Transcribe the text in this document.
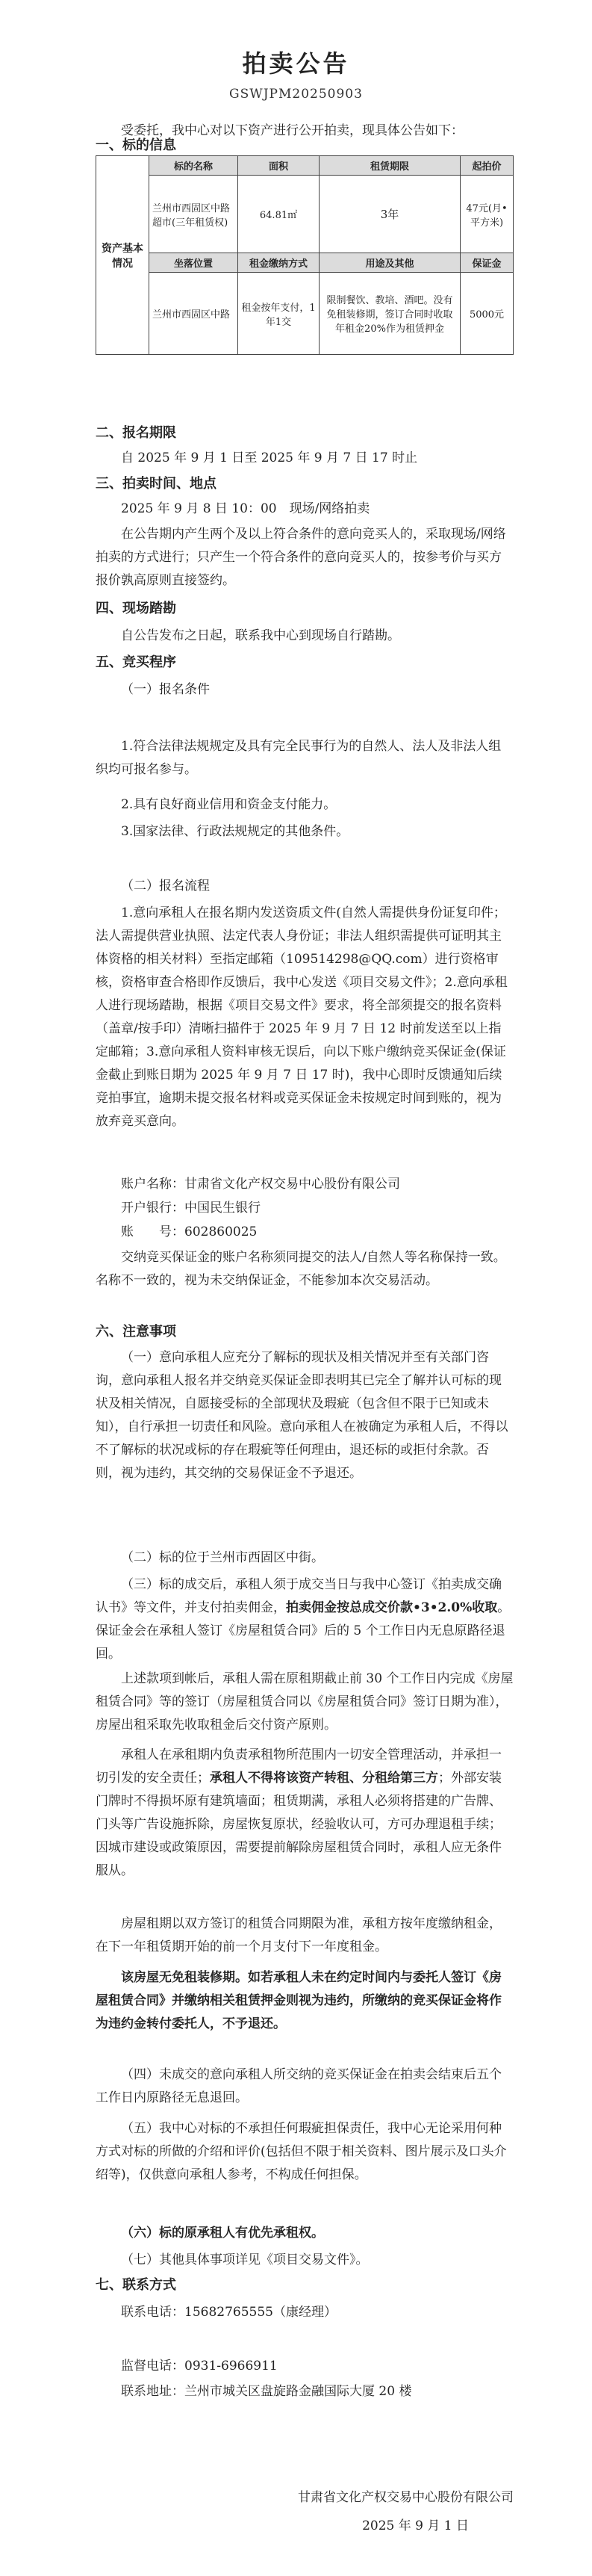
拍卖公告
GSWJPM20250903
受委托，我中心对以下资产进行公开拍卖，现具体公告如下：
一、标的信息
资产基本情况	标的名称	面积	租赁期限	起拍价
	兰州市西固区中路超市(三年租赁权)	64.81㎡	3年	47元(月•平方米)
	坐落位置	租金缴纳方式	用途及其他	保证金
	兰州市西固区中路	租金按年支付，1年1交	限制餐饮、教培、酒吧。没有免租装修期，签订合同时收取年租金20%作为租赁押金	5000元
二、报名期限
自 2025 年 9 月 1 日至 2025 年 9 月 7 日 17 时止
三、拍卖时间、地点
2025 年 9 月 8 日 10：00　现场/网络拍卖
在公告期内产生两个及以上符合条件的意向竞买人的，采取现场/网络拍卖的方式进行；只产生一个符合条件的意向竞买人的，按参考价与买方报价孰高原则直接签约。
四、现场踏勘
自公告发布之日起，联系我中心到现场自行踏勘。
五、竞买程序
（一）报名条件
1.符合法律法规规定及具有完全民事行为的自然人、法人及非法人组织均可报名参与。
2.具有良好商业信用和资金支付能力。
3.国家法律、行政法规规定的其他条件。
（二）报名流程
1.意向承租人在报名期内发送资质文件(自然人需提供身份证复印件；法人需提供营业执照、法定代表人身份证；非法人组织需提供可证明其主体资格的相关材料）至指定邮箱（109514298@QQ.com）进行资格审核，资格审查合格即作反馈后，我中心发送《项目交易文件》；2.意向承租人进行现场踏勘，根据《项目交易文件》要求，将全部须提交的报名资料（盖章/按手印）清晰扫描件于 2025 年 9 月 7 日 12 时前发送至以上指定邮箱；3.意向承租人资料审核无误后，向以下账户缴纳竞买保证金(保证金截止到账日期为 2025 年 9 月 7 日 17 时)，我中心即时反馈通知后续竞拍事宜，逾期未提交报名材料或竞买保证金未按规定时间到账的，视为放弃竞买意向。
账户名称：甘肃省文化产权交易中心股份有限公司
开户银行：中国民生银行
账　　号：602860025
交纳竞买保证金的账户名称须同提交的法人/自然人等名称保持一致。名称不一致的，视为未交纳保证金，不能参加本次交易活动。
六、注意事项
（一）意向承租人应充分了解标的现状及相关情况并至有关部门咨询，意向承租人报名并交纳竞买保证金即表明其已完全了解并认可标的现状及相关情况，自愿接受标的全部现状及瑕疵（包含但不限于已知或未知），自行承担一切责任和风险。意向承租人在被确定为承租人后，不得以不了解标的状况或标的存在瑕疵等任何理由，退还标的或拒付余款。否则，视为违约，其交纳的交易保证金不予退还。
（二）标的位于兰州市西固区中街。
（三）标的成交后，承租人须于成交当日与我中心签订《拍卖成交确认书》等文件，并支付拍卖佣金，拍卖佣金按总成交价款•3•2.0%收取。保证金会在承租人签订《房屋租赁合同》后的 5 个工作日内无息原路径退回。
上述款项到帐后，承租人需在原租期截止前 30 个工作日内完成《房屋租赁合同》等的签订（房屋租赁合同以《房屋租赁合同》签订日期为准），房屋出租采取先收取租金后交付资产原则。
承租人在承租期内负责承租物所范围内一切安全管理活动，并承担一切引发的安全责任；承租人不得将该资产转租、分租给第三方；外部安装门牌时不得损坏原有建筑墙面；租赁期满，承租人必须将搭建的广告牌、门头等广告设施拆除，房屋恢复原状，经验收认可，方可办理退租手续；因城市建设或政策原因，需要提前解除房屋租赁合同时，承租人应无条件服从。
房屋租期以双方签订的租赁合同期限为准，承租方按年度缴纳租金，在下一年租赁期开始的前一个月支付下一年度租金。
该房屋无免租装修期。如若承租人未在约定时间内与委托人签订《房屋租赁合同》并缴纳相关租赁押金则视为违约，所缴纳的竞买保证金将作为违约金转付委托人，不予退还。
（四）未成交的意向承租人所交纳的竞买保证金在拍卖会结束后五个工作日内原路径无息退回。
（五）我中心对标的不承担任何瑕疵担保责任，我中心无论采用何种方式对标的所做的介绍和评价(包括但不限于相关资料、图片展示及口头介绍等)，仅供意向承租人参考，不构成任何担保。
（六）标的原承租人有优先承租权。
（七）其他具体事项详见《项目交易文件》。
七、联系方式
联系电话：15682765555（康经理）
监督电话：0931-6966911
联系地址：兰州市城关区盘旋路金融国际大厦 20 楼
甘肃省文化产权交易中心股份有限公司
2025 年 9 月 1 日
